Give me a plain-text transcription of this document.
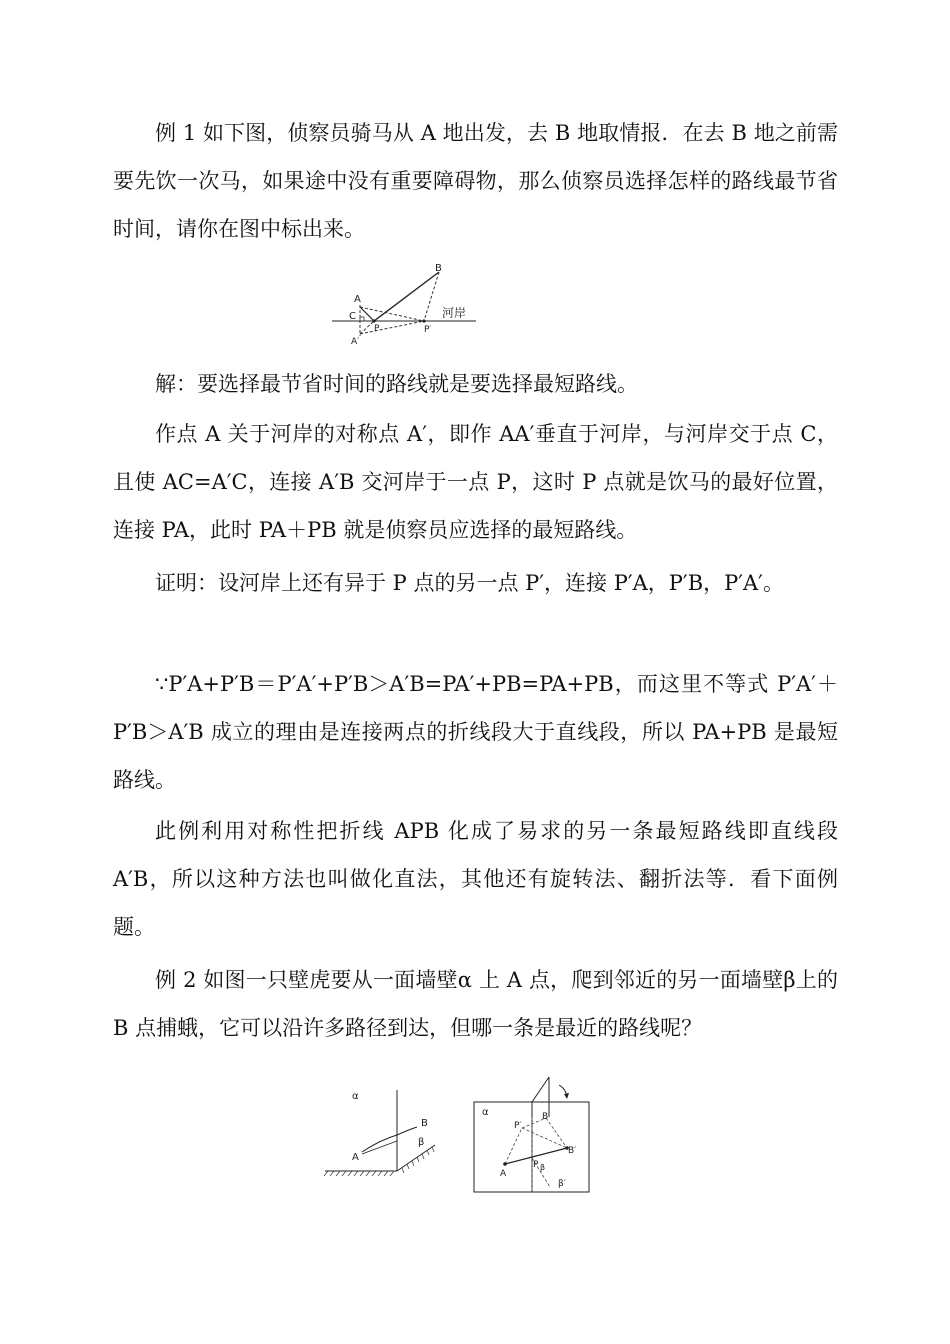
例 1 如下图，侦察员骑马从 A 地出发，去 B 地取情报．在去 B 地之前需要先饮一次马，如果途中没有重要障碍物，那么侦察员选择怎样的路线最节省时间，请你在图中标出来。

A
B
C
A′
P	P′
河岸

解：要选择最节省时间的路线就是要选择最短路线。

作点 A 关于河岸的对称点 A′，即作 AA′垂直于河岸，与河岸交于点 C，且使 AC=A′C，连接 A′B 交河岸于一点 P，这时 P 点就是饮马的最好位置，连接 PA，此时 PA＋PB 就是侦察员应选择的最短路线。

证明：设河岸上还有异于 P 点的另一点 P′，连接 P′A，P′B，P′A′。

∵P′A+P′B＝P′A′+P′B＞A′B=PA′+PB=PA+PB，而这里不等式 P′A′＋P′B＞A′B 成立的理由是连接两点的折线段大于直线段，所以 PA+PB 是最短路线。

此例利用对称性把折线 APB 化成了易求的另一条最短路线即直线段 A′B，所以这种方法也叫做化直法，其他还有旋转法、翻折法等．看下面例题。

例 2 如图一只壁虎要从一面墙壁α 上 A 点，爬到邻近的另一面墙壁β上的 B 点捕蛾，它可以沿许多路径到达，但哪一条是最近的路线呢？

α
B
β
A
α	B
P′
B′
P β
A
β′
